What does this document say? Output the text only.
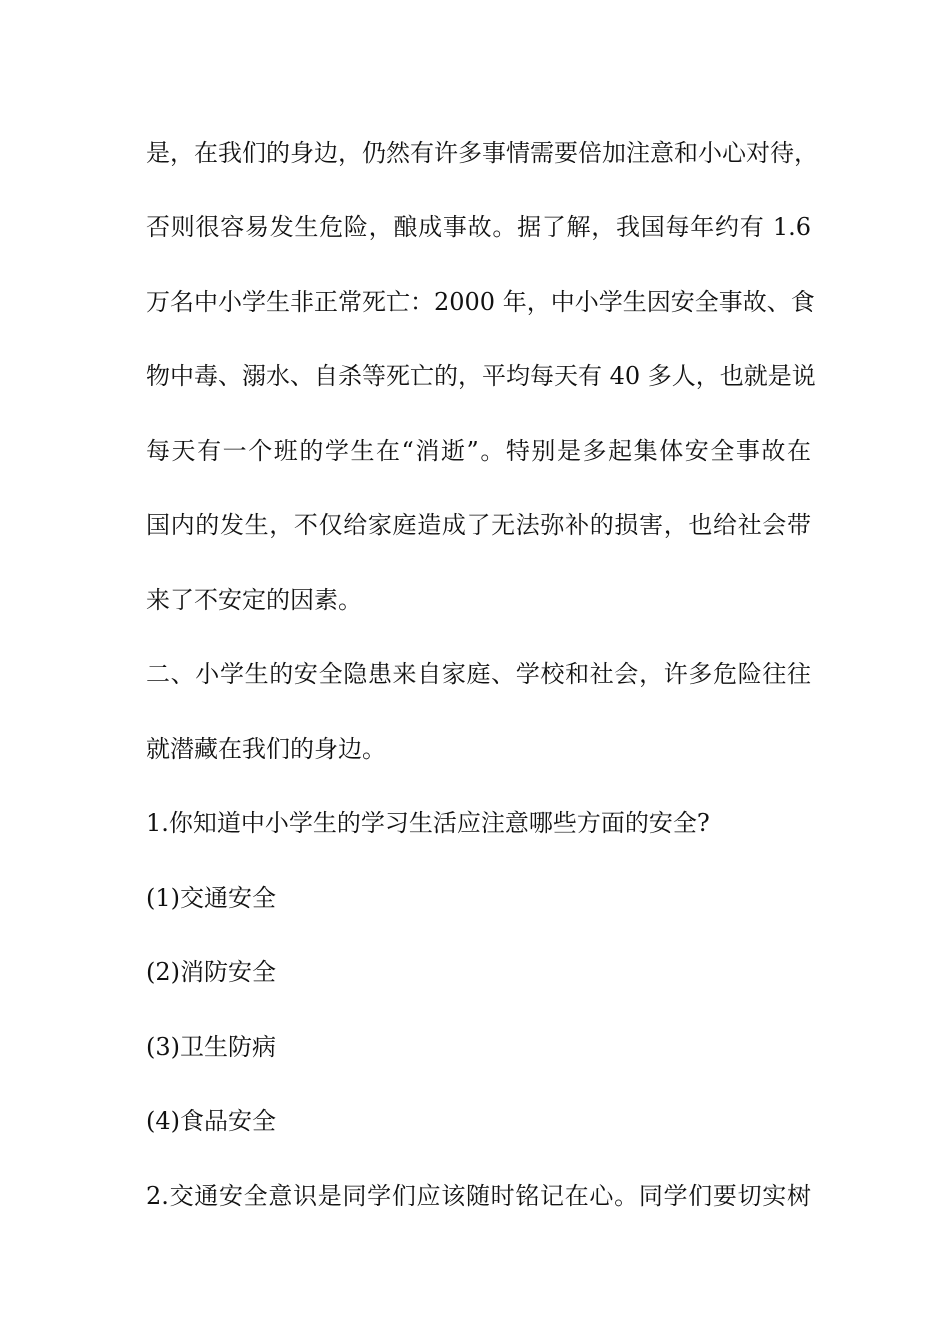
是，在我们的身边，仍然有许多事情需要倍加注意和小心对待，
否则很容易发生危险，酿成事故。据了解，我国每年约有 1.6
万名中小学生非正常死亡：2000 年，中小学生因安全事故、食
物中毒、溺水、自杀等死亡的，平均每天有 40 多人，也就是说
每天有一个班的学生在“消逝”。特别是多起集体安全事故在
国内的发生，不仅给家庭造成了无法弥补的损害，也给社会带
来了不安定的因素。
二、小学生的安全隐患来自家庭、学校和社会，许多危险往往
就潜藏在我们的身边。
1.你知道中小学生的学习生活应注意哪些方面的安全?
(1)交通安全
(2)消防安全
(3)卫生防病
(4)食品安全
2.交通安全意识是同学们应该随时铭记在心。同学们要切实树
